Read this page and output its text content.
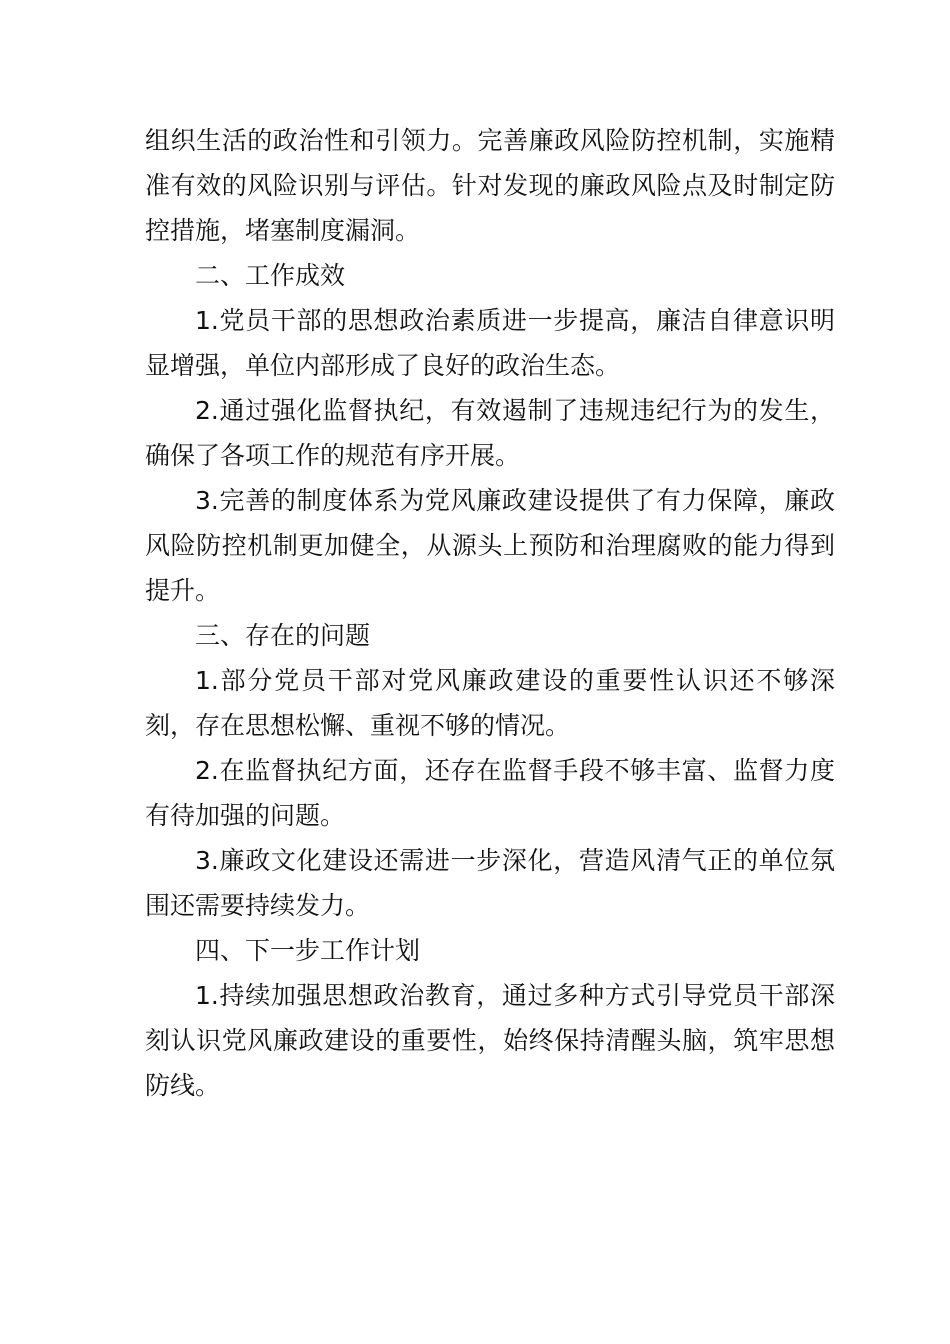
组织生活的政治性和引领力。完善廉政风险防控机制，实施精准有效的风险识别与评估。针对发现的廉政风险点及时制定防控措施，堵塞制度漏洞。

二、工作成效

1.党员干部的思想政治素质进一步提高，廉洁自律意识明显增强，单位内部形成了良好的政治生态。

2.通过强化监督执纪，有效遏制了违规违纪行为的发生，确保了各项工作的规范有序开展。

3.完善的制度体系为党风廉政建设提供了有力保障，廉政风险防控机制更加健全，从源头上预防和治理腐败的能力得到提升。

三、存在的问题

1.部分党员干部对党风廉政建设的重要性认识还不够深刻，存在思想松懈、重视不够的情况。

2.在监督执纪方面，还存在监督手段不够丰富、监督力度有待加强的问题。

3.廉政文化建设还需进一步深化，营造风清气正的单位氛围还需要持续发力。

四、下一步工作计划

1.持续加强思想政治教育，通过多种方式引导党员干部深刻认识党风廉政建设的重要性，始终保持清醒头脑，筑牢思想防线。
